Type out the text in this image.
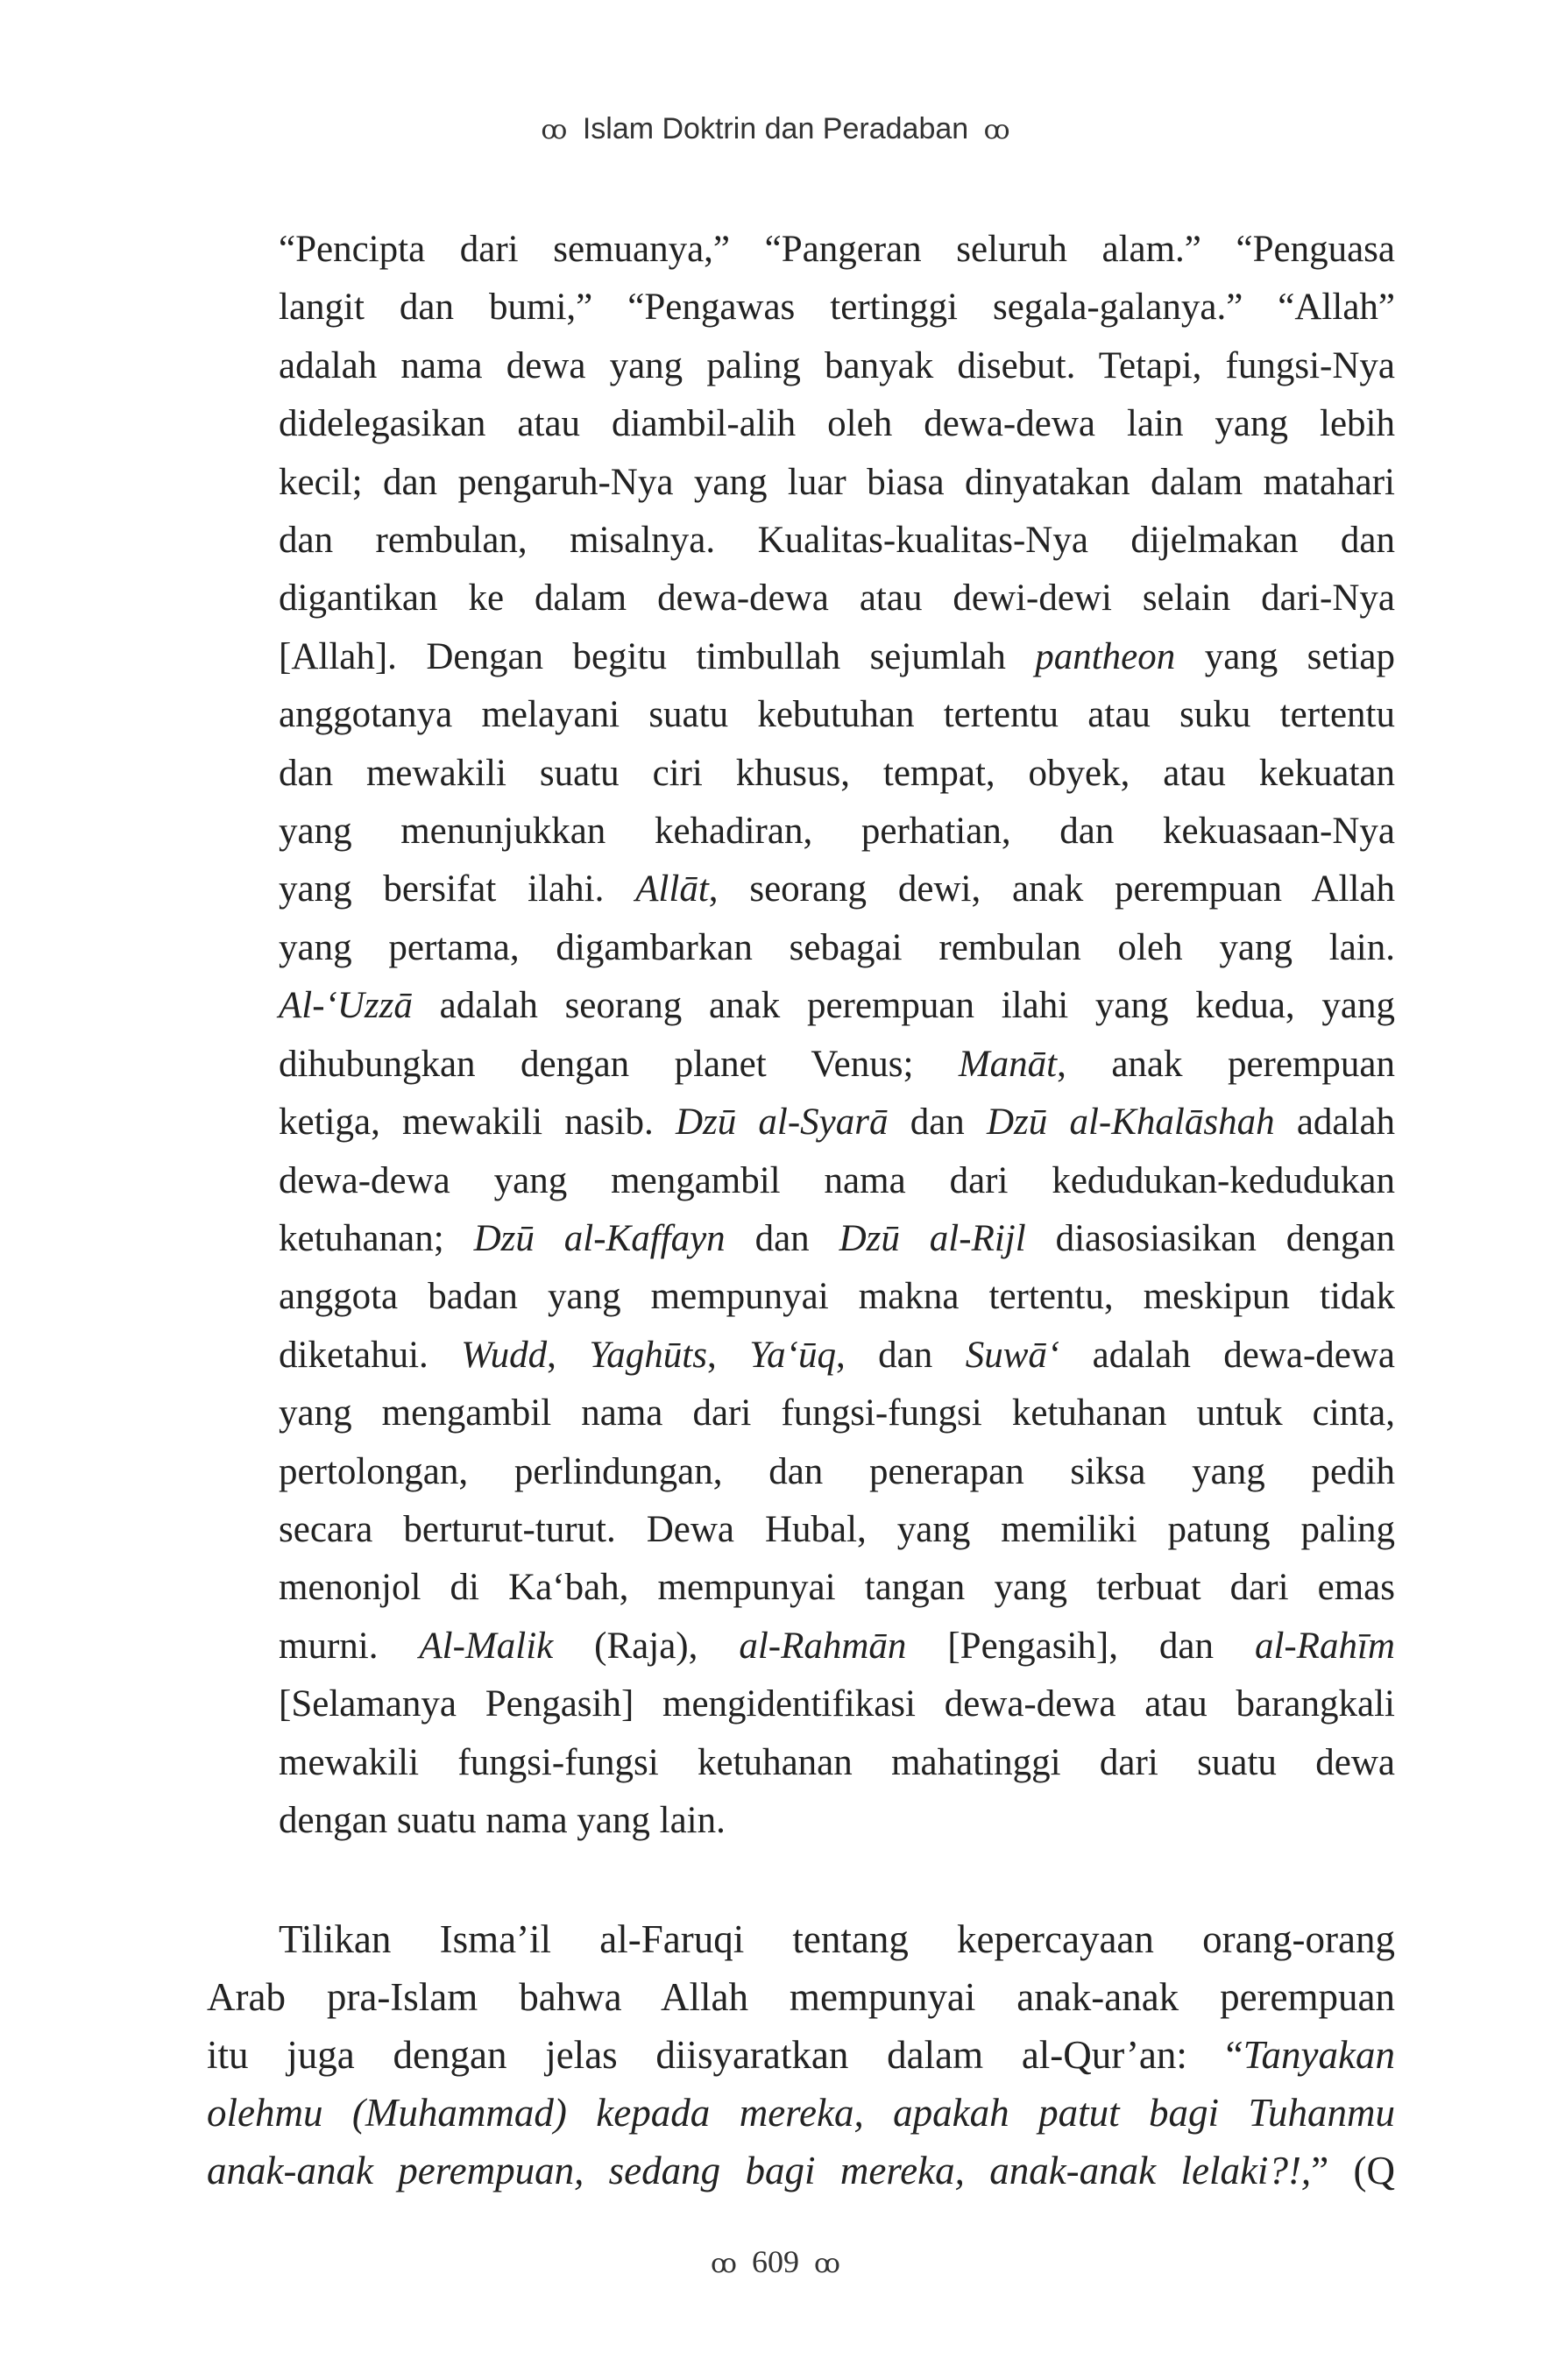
ꝏ Islam Doktrin dan Peradaban ꝏ
“Pencipta dari semuanya,” “Pangeran seluruh alam.” “Penguasa
langit dan bumi,” “Pengawas tertinggi segala-galanya.” “Allah”
adalah nama dewa yang paling banyak disebut. Tetapi, fungsi-Nya
didelegasikan atau diambil-alih oleh dewa-dewa lain yang lebih
kecil; dan pengaruh-Nya yang luar biasa dinyatakan dalam matahari
dan rembulan, misalnya. Kualitas-kualitas-Nya dijelmakan dan
digantikan ke dalam dewa-dewa atau dewi-dewi selain dari-Nya
[Allah]. Dengan begitu timbullah sejumlah pantheon yang setiap
anggotanya melayani suatu kebutuhan tertentu atau suku tertentu
dan mewakili suatu ciri khusus, tempat, obyek, atau kekuatan
yang menunjukkan kehadiran, perhatian, dan kekuasaan-Nya
yang bersifat ilahi. Allāt, seorang dewi, anak perempuan Allah
yang pertama, digambarkan sebagai rembulan oleh yang lain.
Al-‘Uzzā adalah seorang anak perempuan ilahi yang kedua, yang
dihubungkan dengan planet Venus; Manāt, anak perempuan
ketiga, mewakili nasib. Dzū al-Syarā dan Dzū al-Khalāshah adalah
dewa-dewa yang mengambil nama dari kedudukan-kedudukan
ketuhanan; Dzū al-Kaffayn dan Dzū al-Rijl diasosiasikan dengan
anggota badan yang mempunyai makna tertentu, meskipun tidak
diketahui. Wudd, Yaghūts, Ya‘ūq, dan Suwā‘ adalah dewa-dewa
yang mengambil nama dari fungsi-fungsi ketuhanan untuk cinta,
pertolongan, perlindungan, dan penerapan siksa yang pedih
secara berturut-turut. Dewa Hubal, yang memiliki patung paling
menonjol di Ka‘bah, mempunyai tangan yang terbuat dari emas
murni. Al-Malik (Raja), al-Rahmān [Pengasih], dan al-Rahīm
[Selamanya Pengasih] mengidentifikasi dewa-dewa atau barangkali
mewakili fungsi-fungsi ketuhanan mahatinggi dari suatu dewa
dengan suatu nama yang lain.
Tilikan Isma’il al-Faruqi tentang kepercayaan orang-orang
Arab pra-Islam bahwa Allah mempunyai anak-anak perempuan
itu juga dengan jelas diisyaratkan dalam al-Qur’an: “Tanyakan
olehmu (Muhammad) kepada mereka, apakah patut bagi Tuhanmu
anak-anak perempuan, sedang bagi mereka, anak-anak lelaki?!,” (Q
ꝏ 609 ꝏ
